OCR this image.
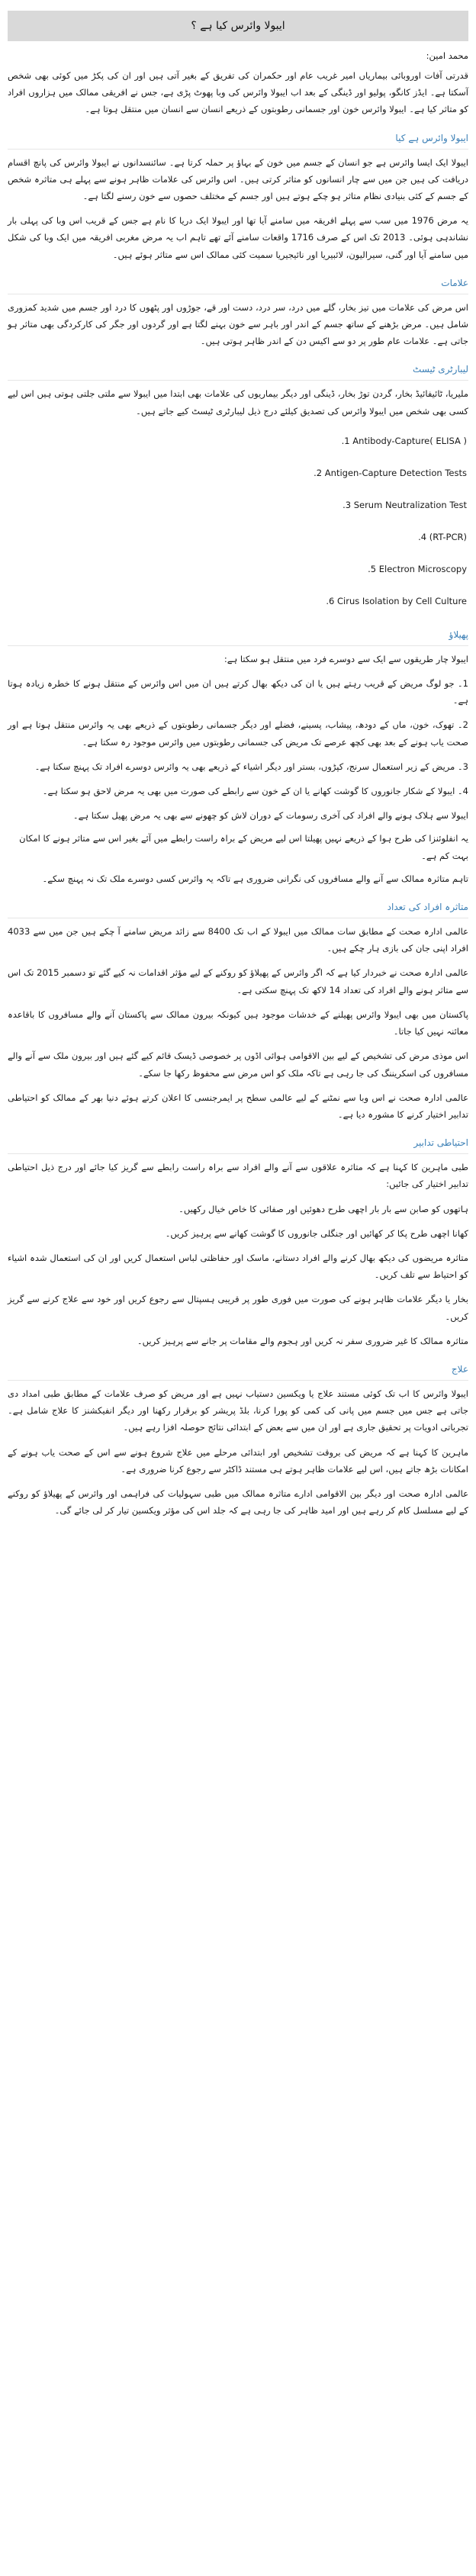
ایبولا وائرس کیا ہے ؟
محمد امین:

قدرتی آفات اوروبائی بیماریاں امیر غریب عام اور حکمران کی تفریق کے بغیر آتی ہیں اور ان کی پکڑ میں کوئی بھی شخص آسکتا ہے۔ ایڈز کانگو، پولیو اور ڈینگی کے بعد اب ایبولا وائرس کی وبا پھوٹ پڑی ہے، جس نے افریقی ممالک میں ہزاروں افراد کو متاثر کیا ہے۔ ایبولا وائرس خون اور جسمانی رطوبتوں کے ذریعے انسان سے انسان میں منتقل ہوتا ہے۔

ایبولا وائرس ہے کیا

ایبولا ایک ایسا وائرس ہے جو انسان کے جسم میں خون کے بہاؤ پر حملہ کرتا ہے۔ سائنسدانوں نے ایبولا وائرس کی پانچ اقسام دریافت کی ہیں جن میں سے چار انسانوں کو متاثر کرتی ہیں۔ اس وائرس کی علامات ظاہر ہونے سے پہلے ہی متاثرہ شخص کے جسم کے کئی بنیادی نظام متاثر ہو چکے ہوتے ہیں اور جسم کے مختلف حصوں سے خون رسنے لگتا ہے۔

یہ مرض 1976 میں سب سے پہلے افریقہ میں سامنے آیا تھا اور ایبولا ایک دریا کا نام ہے جس کے قریب اس وبا کی پہلی بار نشاندہی ہوئی۔ 2013 تک اس کے صرف 1716 واقعات سامنے آئے تھے تاہم اب یہ مرض مغربی افریقہ میں ایک وبا کی شکل میں سامنے آیا اور گنی، سیرالیون، لائبیریا اور نائیجیریا سمیت کئی ممالک اس سے متاثر ہوئے ہیں۔

علامات

اس مرض کی علامات میں تیز بخار، گلے میں درد، سر درد، دست اور قے، جوڑوں اور پٹھوں کا درد اور جسم میں شدید کمزوری شامل ہیں۔ مرض بڑھنے کے ساتھ جسم کے اندر اور باہر سے خون بہنے لگتا ہے اور گردوں اور جگر کی کارکردگی بھی متاثر ہو جاتی ہے۔ علامات عام طور پر دو سے اکیس دن کے اندر ظاہر ہوتی ہیں۔

لیبارٹری ٹیسٹ

ملیریا، ٹائیفائیڈ بخار، گردن توڑ بخار، ڈینگی اور دیگر بیماریوں کی علامات بھی ابتدا میں ایبولا سے ملتی جلتی ہوتی ہیں اس لیے کسی بھی شخص میں ایبولا وائرس کی تصدیق کیلئے درج ذیل لیبارٹری ٹیسٹ کیے جاتے ہیں۔

.1 Antibody-Capture( ELISA )
.2 Antigen-Capture Detection Tests
.3 Serum Neutralization Test
.4 (RT-PCR)
.5 Electron Microscopy
.6 Cirus Isolation by Cell Culture
پھیلاؤ

ایبولا چار طریقوں سے ایک سے دوسرے فرد میں منتقل ہو سکتا ہے:

1۔ جو لوگ مریض کے قریب رہتے ہیں یا ان کی دیکھ بھال کرتے ہیں ان میں اس وائرس کے منتقل ہونے کا خطرہ زیادہ ہوتا ہے۔

2۔ تھوک، خون، ماں کے دودھ، پیشاب، پسینے، فضلے اور دیگر جسمانی رطوبتوں کے ذریعے بھی یہ وائرس منتقل ہوتا ہے اور صحت یاب ہونے کے بعد بھی کچھ عرصے تک مریض کی جسمانی رطوبتوں میں وائرس موجود رہ سکتا ہے۔

3۔ مریض کے زیر استعمال سرنج، کپڑوں، بستر اور دیگر اشیاء کے ذریعے بھی یہ وائرس دوسرے افراد تک پہنچ سکتا ہے۔

4۔ ایبولا کے شکار جانوروں کا گوشت کھانے یا ان کے خون سے رابطے کی صورت میں بھی یہ مرض لاحق ہو سکتا ہے۔

ایبولا سے ہلاک ہونے والے افراد کی آخری رسومات کے دوران لاش کو چھونے سے بھی یہ مرض پھیل سکتا ہے۔

یہ انفلوئنزا کی طرح ہوا کے ذریعے نہیں پھیلتا اس لیے مریض کے براہ راست رابطے میں آئے بغیر اس سے متاثر ہونے کا امکان بہت کم ہے۔

تاہم متاثرہ ممالک سے آنے والے مسافروں کی نگرانی ضروری ہے تاکہ یہ وائرس کسی دوسرے ملک تک نہ پہنچ سکے۔

متاثرہ افراد کی تعداد

عالمی ادارہ صحت کے مطابق سات ممالک میں ایبولا کے اب تک 8400 سے زائد مریض سامنے آ چکے ہیں جن میں سے 4033 افراد اپنی جان کی بازی ہار چکے ہیں۔

عالمی ادارہ صحت نے خبردار کیا ہے کہ اگر وائرس کے پھیلاؤ کو روکنے کے لیے مؤثر اقدامات نہ کیے گئے تو دسمبر 2015 تک اس سے متاثر ہونے والے افراد کی تعداد 14 لاکھ تک پہنچ سکتی ہے۔

پاکستان میں بھی ایبولا وائرس پھیلنے کے خدشات موجود ہیں کیونکہ بیرون ممالک سے پاکستان آنے والے مسافروں کا باقاعدہ معائنہ نہیں کیا جاتا۔

اس موذی مرض کی تشخیص کے لیے بین الاقوامی ہوائی اڈوں پر خصوصی ڈیسک قائم کیے گئے ہیں اور بیرون ملک سے آنے والے مسافروں کی اسکریننگ کی جا رہی ہے تاکہ ملک کو اس مرض سے محفوظ رکھا جا سکے۔

عالمی ادارہ صحت نے اس وبا سے نمٹنے کے لیے عالمی سطح پر ایمرجنسی کا اعلان کرتے ہوئے دنیا بھر کے ممالک کو احتیاطی تدابیر اختیار کرنے کا مشورہ دیا ہے۔

احتیاطی تدابیر

طبی ماہرین کا کہنا ہے کہ متاثرہ علاقوں سے آنے والے افراد سے براہ راست رابطے سے گریز کیا جائے اور درج ذیل احتیاطی تدابیر اختیار کی جائیں:

ہاتھوں کو صابن سے بار بار اچھی طرح دھوئیں اور صفائی کا خاص خیال رکھیں۔

کھانا اچھی طرح پکا کر کھائیں اور جنگلی جانوروں کا گوشت کھانے سے پرہیز کریں۔

متاثرہ مریضوں کی دیکھ بھال کرنے والے افراد دستانے، ماسک اور حفاظتی لباس استعمال کریں اور ان کی استعمال شدہ اشیاء کو احتیاط سے تلف کریں۔

بخار یا دیگر علامات ظاہر ہونے کی صورت میں فوری طور پر قریبی ہسپتال سے رجوع کریں اور خود سے علاج کرنے سے گریز کریں۔

متاثرہ ممالک کا غیر ضروری سفر نہ کریں اور ہجوم والے مقامات پر جانے سے پرہیز کریں۔

علاج

ایبولا وائرس کا اب تک کوئی مستند علاج یا ویکسین دستیاب نہیں ہے اور مریض کو صرف علامات کے مطابق طبی امداد دی جاتی ہے جس میں جسم میں پانی کی کمی کو پورا کرنا، بلڈ پریشر کو برقرار رکھنا اور دیگر انفیکشنز کا علاج شامل ہے۔ تجرباتی ادویات پر تحقیق جاری ہے اور ان میں سے بعض کے ابتدائی نتائج حوصلہ افزا رہے ہیں۔

ماہرین کا کہنا ہے کہ مریض کی بروقت تشخیص اور ابتدائی مرحلے میں علاج شروع ہونے سے اس کے صحت یاب ہونے کے امکانات بڑھ جاتے ہیں، اس لیے علامات ظاہر ہوتے ہی مستند ڈاکٹر سے رجوع کرنا ضروری ہے۔

عالمی ادارہ صحت اور دیگر بین الاقوامی ادارے متاثرہ ممالک میں طبی سہولیات کی فراہمی اور وائرس کے پھیلاؤ کو روکنے کے لیے مسلسل کام کر رہے ہیں اور امید ظاہر کی جا رہی ہے کہ جلد اس کی مؤثر ویکسین تیار کر لی جائے گی۔
